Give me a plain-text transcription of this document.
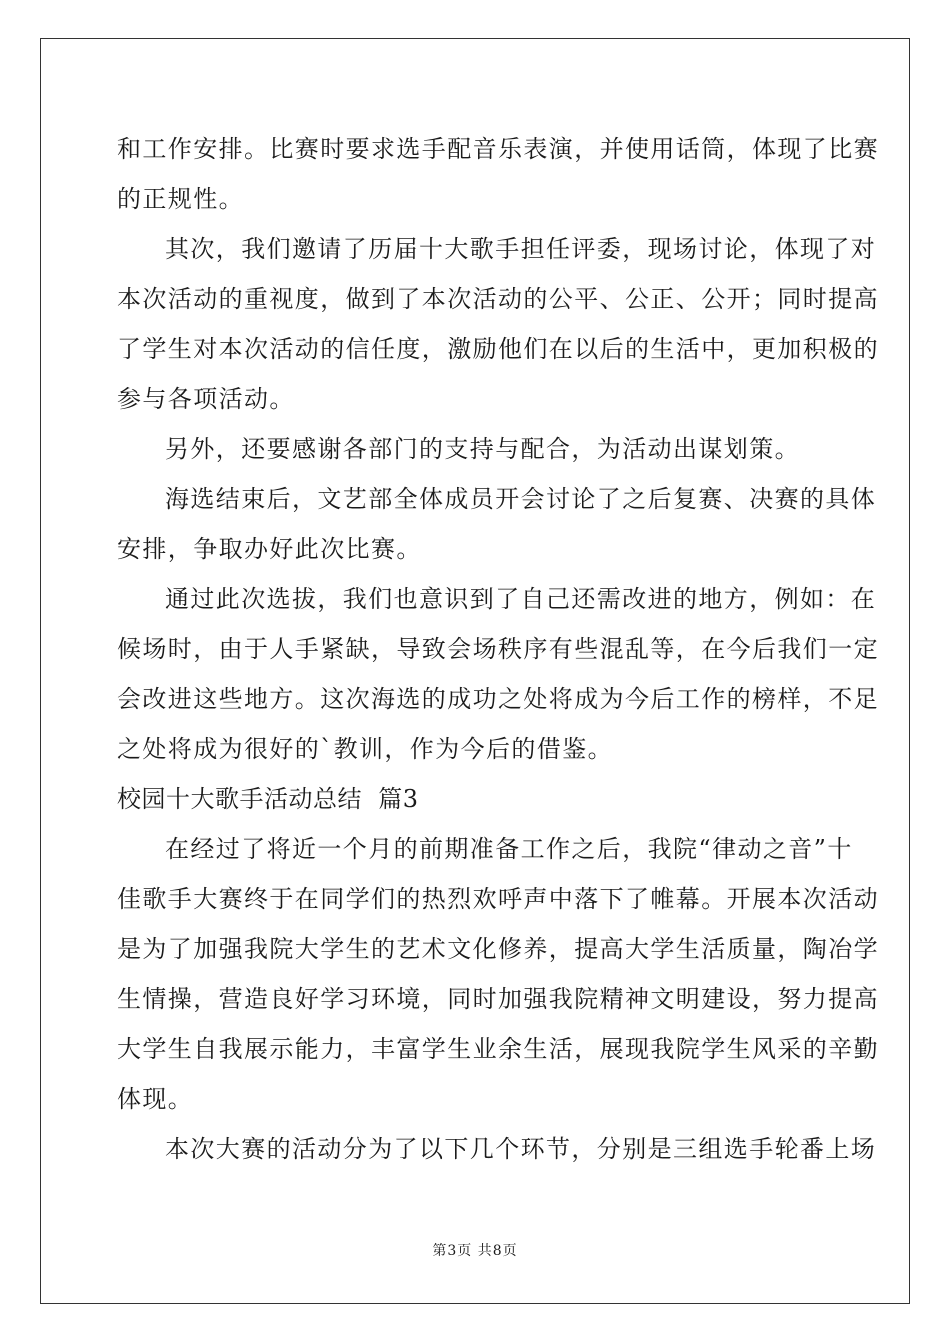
和工作安排。比赛时要求选手配音乐表演，并使用话筒，体现了比赛
的正规性。
其次，我们邀请了历届十大歌手担任评委，现场讨论，体现了对
本次活动的重视度，做到了本次活动的公平、公正、公开；同时提高
了学生对本次活动的信任度，激励他们在以后的生活中，更加积极的
参与各项活动。
另外，还要感谢各部门的支持与配合，为活动出谋划策。
海选结束后，文艺部全体成员开会讨论了之后复赛、决赛的具体
安排，争取办好此次比赛。
通过此次选拔，我们也意识到了自己还需改进的地方，例如：在
候场时，由于人手紧缺，导致会场秩序有些混乱等，在今后我们一定
会改进这些地方。这次海选的成功之处将成为今后工作的榜样，不足
之处将成为很好的`教训，作为今后的借鉴。
校园十大歌手活动总结  篇3
在经过了将近一个月的前期准备工作之后，我院“律动之音”十
佳歌手大赛终于在同学们的热烈欢呼声中落下了帷幕。开展本次活动
是为了加强我院大学生的艺术文化修养，提高大学生活质量，陶冶学
生情操，营造良好学习环境，同时加强我院精神文明建设，努力提高
大学生自我展示能力，丰富学生业余生活，展现我院学生风采的辛勤
体现。
本次大赛的活动分为了以下几个环节，分别是三组选手轮番上场
第3页 共8页
